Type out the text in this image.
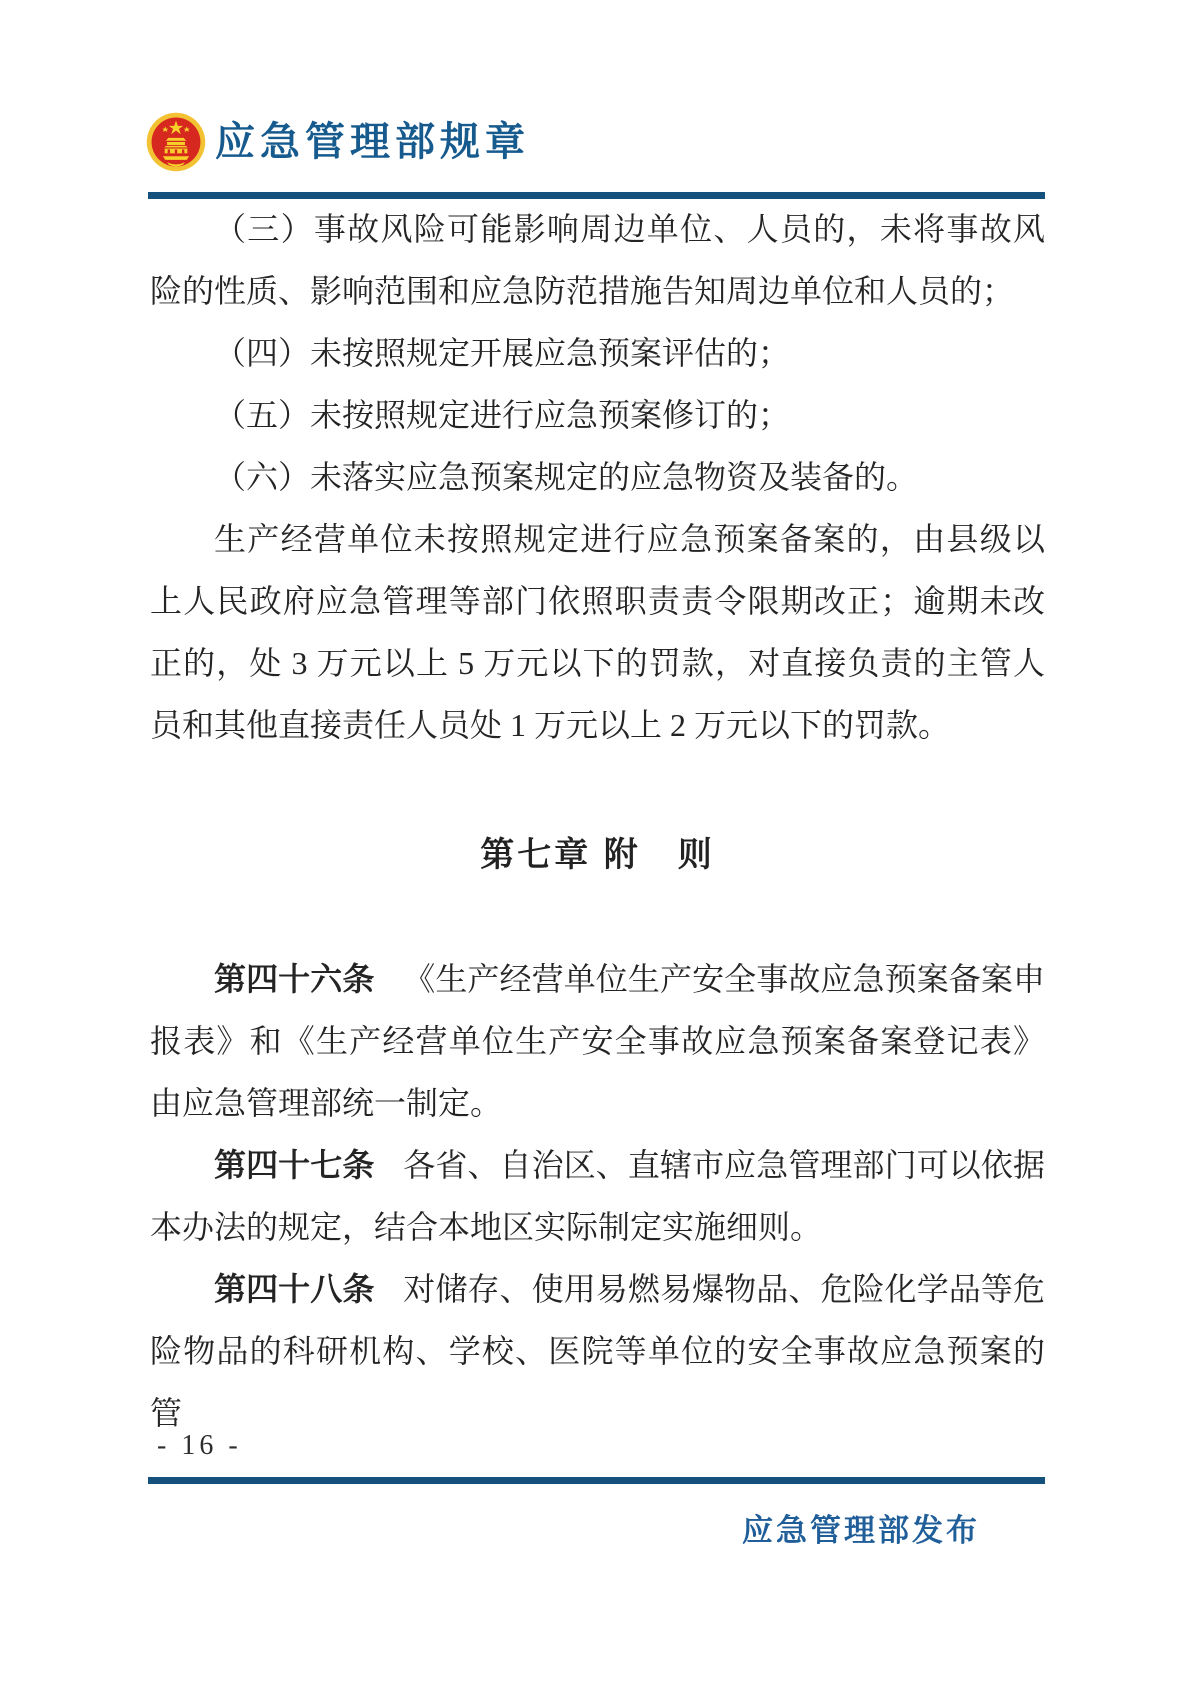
应急管理部规章

（三）事故风险可能影响周边单位、人员的，未将事故风险的性质、影响范围和应急防范措施告知周边单位和人员的；

（四）未按照规定开展应急预案评估的；

（五）未按照规定进行应急预案修订的；

（六）未落实应急预案规定的应急物资及装备的。

生产经营单位未按照规定进行应急预案备案的，由县级以上人民政府应急管理等部门依照职责责令限期改正；逾期未改正的，处 3 万元以上 5 万元以下的罚款，对直接负责的主管人员和其他直接责任人员处 1 万元以上 2 万元以下的罚款。

第七章 附　则

第四十六条 《生产经营单位生产安全事故应急预案备案申报表》和《生产经营单位生产安全事故应急预案备案登记表》由应急管理部统一制定。

第四十七条 各省、自治区、直辖市应急管理部门可以依据本办法的规定，结合本地区实际制定实施细则。

第四十八条 对储存、使用易燃易爆物品、危险化学品等危险物品的科研机构、学校、医院等单位的安全事故应急预案的管

- 16 -
应急管理部发布
